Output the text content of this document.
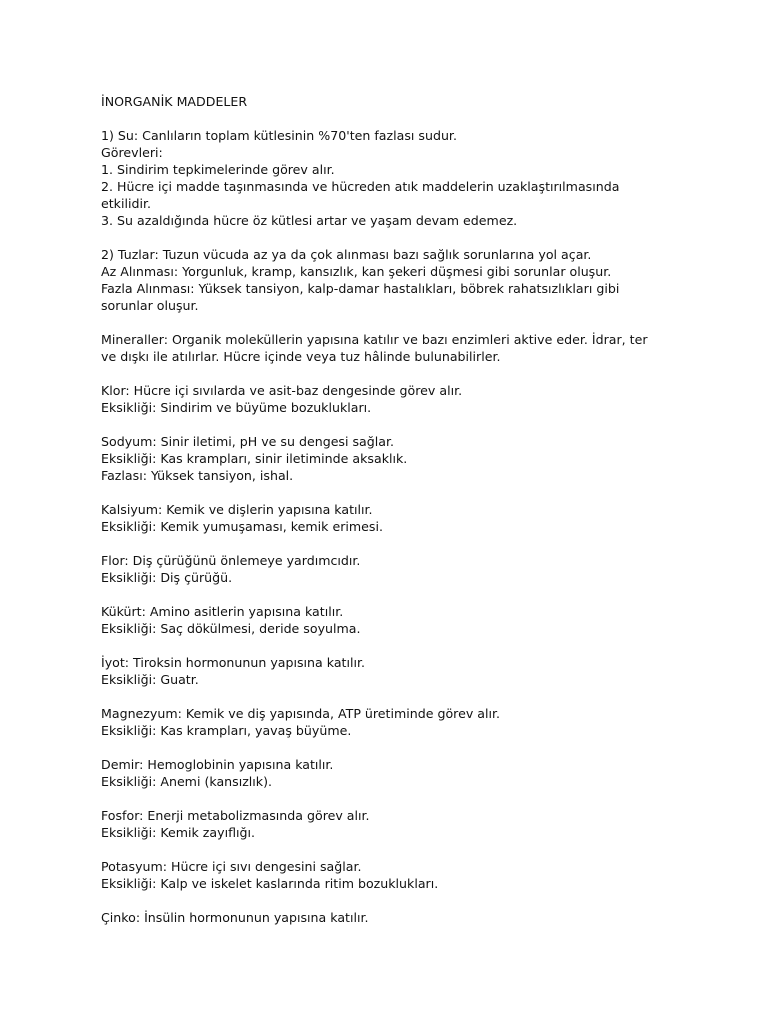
İNORGANİK MADDELER
1) Su: Canlıların toplam kütlesinin %70'ten fazlası sudur.
Görevleri:
1. Sindirim tepkimelerinde görev alır.
2. Hücre içi madde taşınmasında ve hücreden atık maddelerin uzaklaştırılmasında
etkilidir.
3. Su azaldığında hücre öz kütlesi artar ve yaşam devam edemez.
2) Tuzlar: Tuzun vücuda az ya da çok alınması bazı sağlık sorunlarına yol açar.
Az Alınması: Yorgunluk, kramp, kansızlık, kan şekeri düşmesi gibi sorunlar oluşur.
Fazla Alınması: Yüksek tansiyon, kalp-damar hastalıkları, böbrek rahatsızlıkları gibi
sorunlar oluşur.
Mineraller: Organik moleküllerin yapısına katılır ve bazı enzimleri aktive eder. İdrar, ter
ve dışkı ile atılırlar. Hücre içinde veya tuz hâlinde bulunabilirler.
Klor: Hücre içi sıvılarda ve asit-baz dengesinde görev alır.
Eksikliği: Sindirim ve büyüme bozuklukları.
Sodyum: Sinir iletimi, pH ve su dengesi sağlar.
Eksikliği: Kas krampları, sinir iletiminde aksaklık.
Fazlası: Yüksek tansiyon, ishal.
Kalsiyum: Kemik ve dişlerin yapısına katılır.
Eksikliği: Kemik yumuşaması, kemik erimesi.
Flor: Diş çürüğünü önlemeye yardımcıdır.
Eksikliği: Diş çürüğü.
Kükürt: Amino asitlerin yapısına katılır.
Eksikliği: Saç dökülmesi, deride soyulma.
İyot: Tiroksin hormonunun yapısına katılır.
Eksikliği: Guatr.
Magnezyum: Kemik ve diş yapısında, ATP üretiminde görev alır.
Eksikliği: Kas krampları, yavaş büyüme.
Demir: Hemoglobinin yapısına katılır.
Eksikliği: Anemi (kansızlık).
Fosfor: Enerji metabolizmasında görev alır.
Eksikliği: Kemik zayıflığı.
Potasyum: Hücre içi sıvı dengesini sağlar.
Eksikliği: Kalp ve iskelet kaslarında ritim bozuklukları.
Çinko: İnsülin hormonunun yapısına katılır.
